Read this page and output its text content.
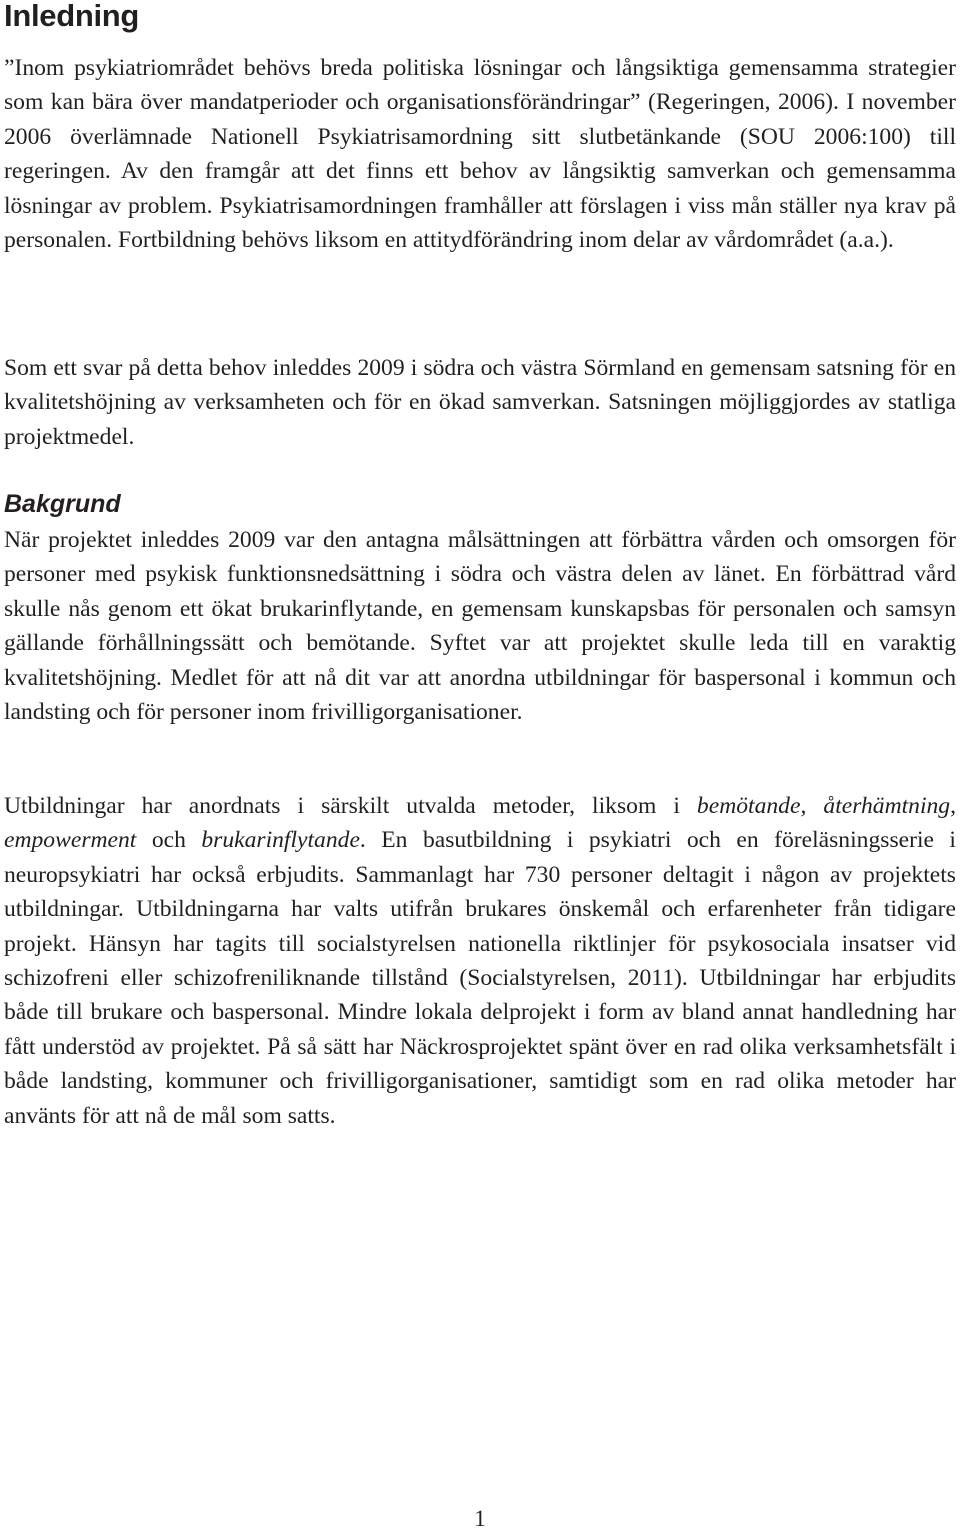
Inledning

”Inom psykiatriområdet behövs breda politiska lösningar och långsiktiga gemensamma strategier som kan bära över mandatperioder och organisationsförändringar” (Regeringen, 2006). I november 2006 överlämnade Nationell Psykiatrisamordning sitt slutbetänkande (SOU 2006:100) till regeringen. Av den framgår att det finns ett behov av långsiktig samverkan och gemensamma lösningar av problem. Psykiatrisamordningen framhåller att förslagen i viss mån ställer nya krav på personalen. Fortbildning behövs liksom en attitydförändring inom delar av vårdområdet (a.a.).

Som ett svar på detta behov inleddes 2009 i södra och västra Sörmland en gemensam satsning för en kvalitetshöjning av verksamheten och för en ökad samverkan. Satsningen möjliggjordes av statliga projektmedel.

Bakgrund

När projektet inleddes 2009 var den antagna målsättningen att förbättra vården och omsorgen för personer med psykisk funktionsnedsättning i södra och västra delen av länet. En förbättrad vård skulle nås genom ett ökat brukarinflytande, en gemensam kunskapsbas för personalen och samsyn gällande förhållningssätt och bemötande. Syftet var att projektet skulle leda till en varaktig kvalitetshöjning. Medlet för att nå dit var att anordna utbildningar för baspersonal i kommun och landsting och för personer inom frivilligorganisationer.

Utbildningar har anordnats i särskilt utvalda metoder, liksom i bemötande, återhämtning, empowerment och brukarinflytande. En basutbildning i psykiatri och en föreläsningsserie i neuropsykiatri har också erbjudits. Sammanlagt har 730 personer deltagit i någon av projektets utbildningar. Utbildningarna har valts utifrån brukares önskemål och erfarenheter från tidigare projekt. Hänsyn har tagits till socialstyrelsen nationella riktlinjer för psykosociala insatser vid schizofreni eller schizofreniliknande tillstånd (Socialstyrelsen, 2011). Utbildningar har erbjudits både till brukare och baspersonal. Mindre lokala delprojekt i form av bland annat handledning har fått understöd av projektet. På så sätt har Näckrosprojektet spänt över en rad olika verksamhetsfält i både landsting, kommuner och frivilligorganisationer, samtidigt som en rad olika metoder har använts för att nå de mål som satts.

1
